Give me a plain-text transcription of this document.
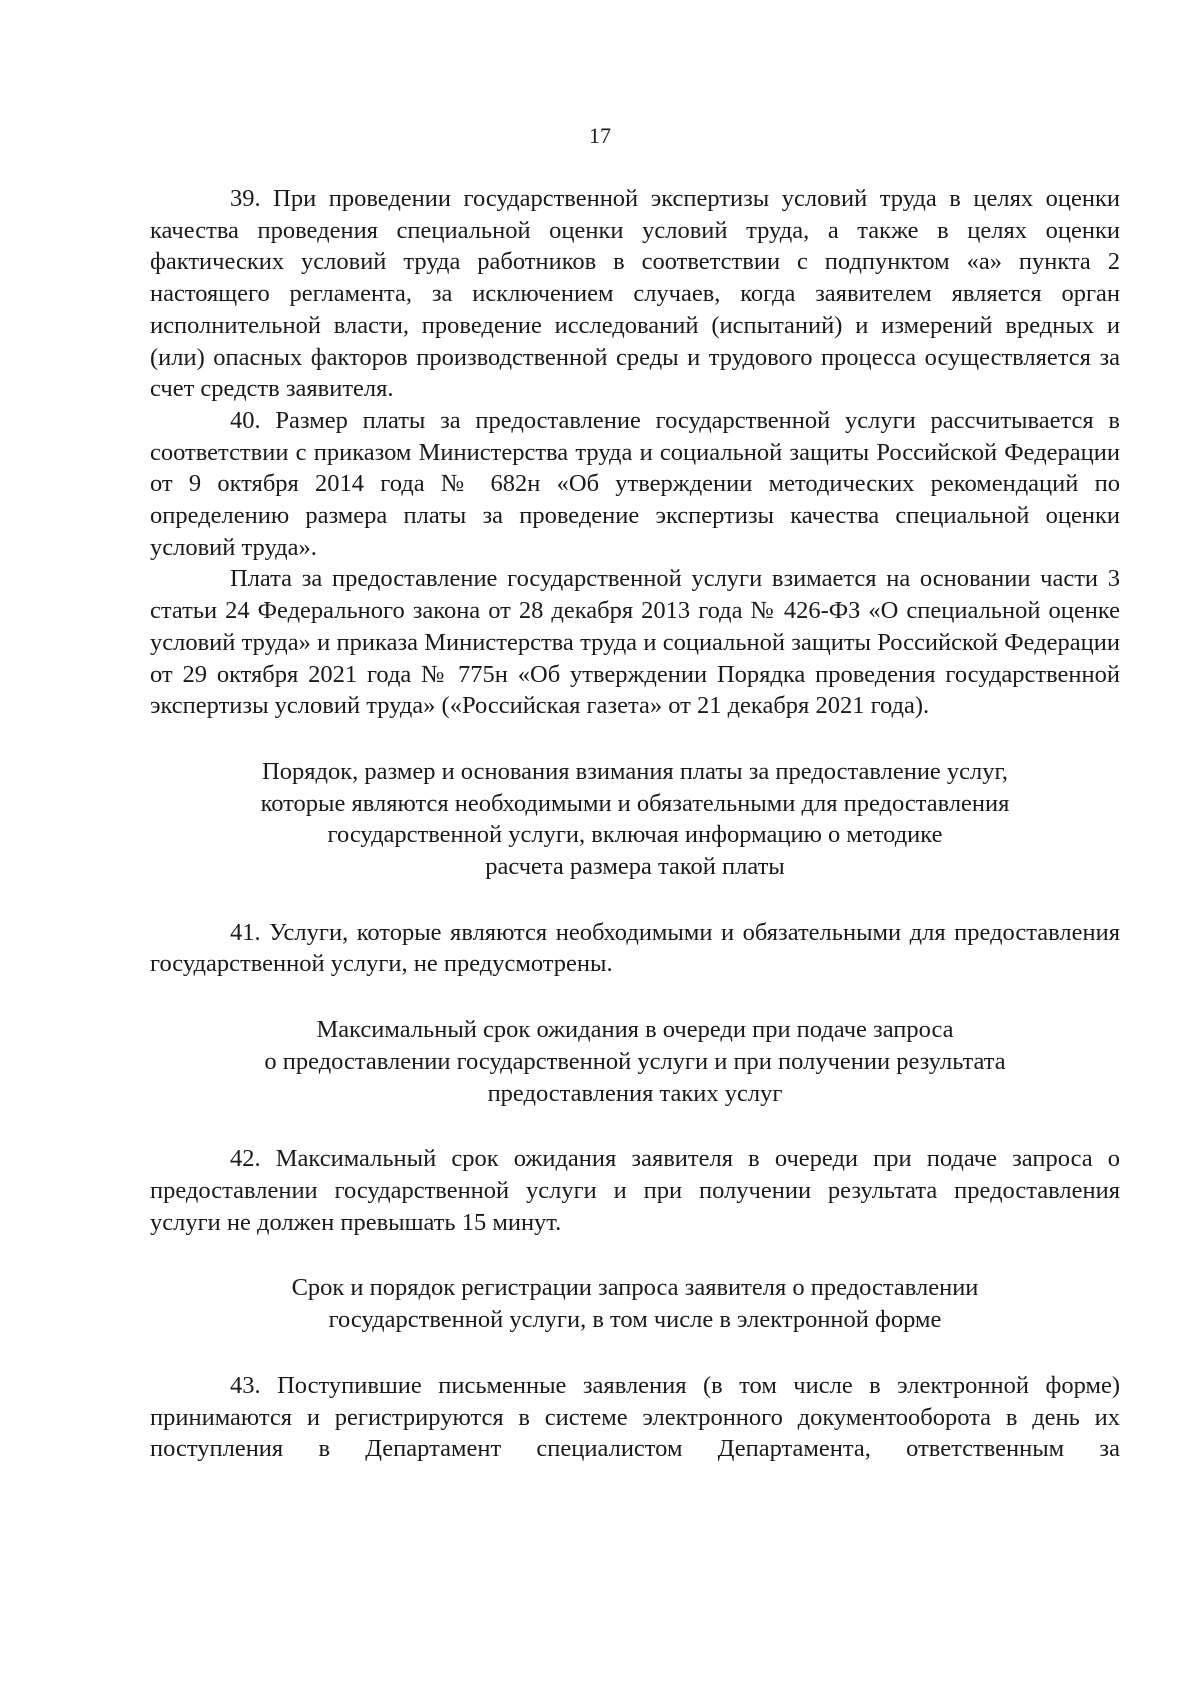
17

39. При проведении государственной экспертизы условий труда в целях оценки качества проведения специальной оценки условий труда, а также в целях оценки фактических условий труда работников в соответствии с подпунктом «а» пункта 2 настоящего регламента, за исключением случаев, когда заявителем является орган исполнительной власти, проведение исследований (испытаний) и измерений вредных и (или) опасных факторов производственной среды и трудового процесса осуществляется за счет средств заявителя.

40. Размер платы за предоставление государственной услуги рассчитывается в соответствии с приказом Министерства труда и социальной защиты Российской Федерации от 9 октября 2014 года № 682н «Об утверждении методических рекомендаций по определению размера платы за проведение экспертизы качества специальной оценки условий труда».

Плата за предоставление государственной услуги взимается на основании части 3 статьи 24 Федерального закона от 28 декабря 2013 года № 426-ФЗ «О специальной оценке условий труда» и приказа Министерства труда и социальной защиты Российской Федерации от 29 октября 2021 года № 775н «Об утверждении Порядка проведения государственной экспертизы условий труда» («Российская газета» от 21 декабря 2021 года).

Порядок, размер и основания взимания платы за предоставление услуг,
которые являются необходимыми и обязательными для предоставления
государственной услуги, включая информацию о методике
расчета размера такой платы

41. Услуги, которые являются необходимыми и обязательными для предоставления государственной услуги, не предусмотрены.

Максимальный срок ожидания в очереди при подаче запроса
о предоставлении государственной услуги и при получении результата
предоставления таких услуг

42. Максимальный срок ожидания заявителя в очереди при подаче запроса о предоставлении государственной услуги и при получении результата предоставления услуги не должен превышать 15 минут.

Срок и порядок регистрации запроса заявителя о предоставлении
государственной услуги, в том числе в электронной форме

43. Поступившие письменные заявления (в том числе в электронной форме) принимаются и регистрируются в системе электронного документооборота в день их поступления в Департамент специалистом Департамента, ответственным за
